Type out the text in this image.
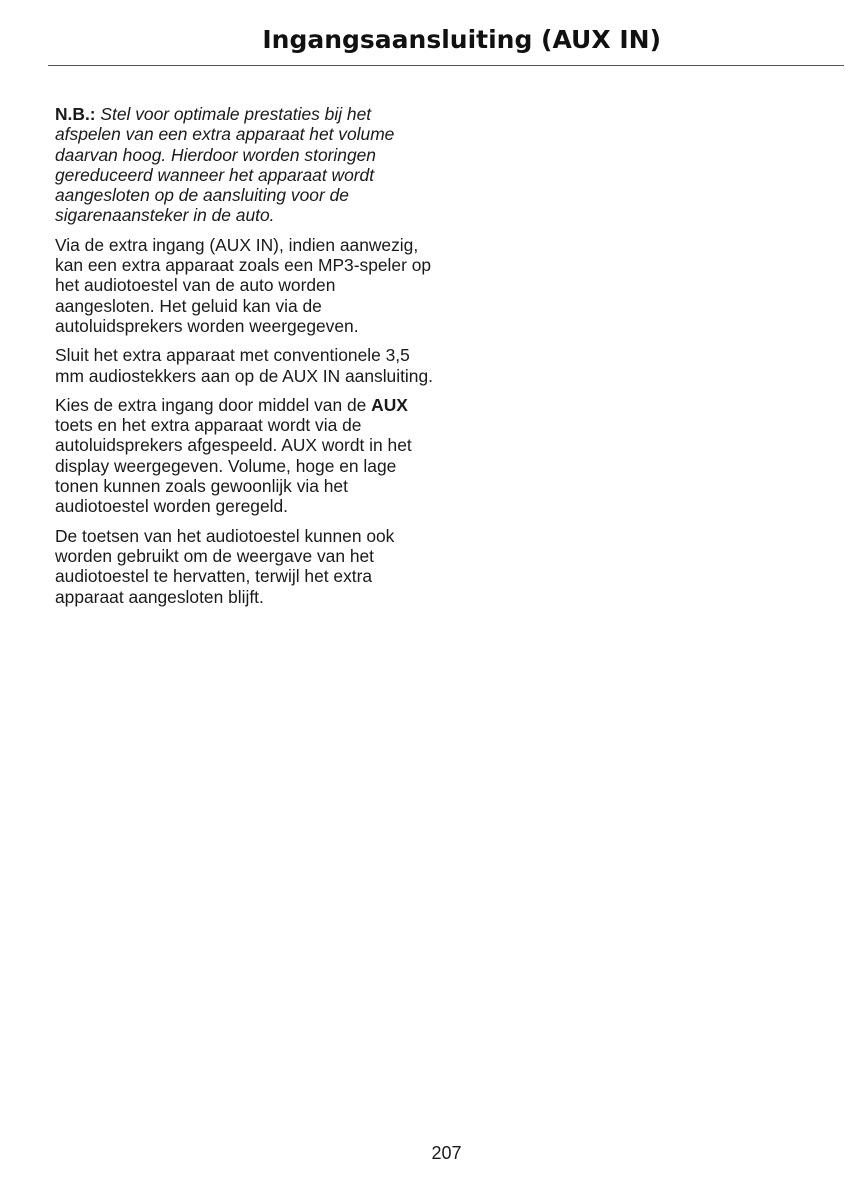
Ingangsaansluiting (AUX IN)

N.B.: Stel voor optimale prestaties bij het afspelen van een extra apparaat het volume daarvan hoog. Hierdoor worden storingen gereduceerd wanneer het apparaat wordt aangesloten op de aansluiting voor de sigarenaansteker in de auto.

Via de extra ingang (AUX IN), indien aanwezig, kan een extra apparaat zoals een MP3-speler op het audiotoestel van de auto worden aangesloten. Het geluid kan via de autoluidsprekers worden weergegeven.

Sluit het extra apparaat met conventionele 3,5 mm audiostekkers aan op de AUX IN aansluiting.

Kies de extra ingang door middel van de AUX toets en het extra apparaat wordt via de autoluidsprekers afgespeeld. AUX wordt in het display weergegeven. Volume, hoge en lage tonen kunnen zoals gewoonlijk via het audiotoestel worden geregeld.

De toetsen van het audiotoestel kunnen ook worden gebruikt om de weergave van het audiotoestel te hervatten, terwijl het extra apparaat aangesloten blijft.

207
